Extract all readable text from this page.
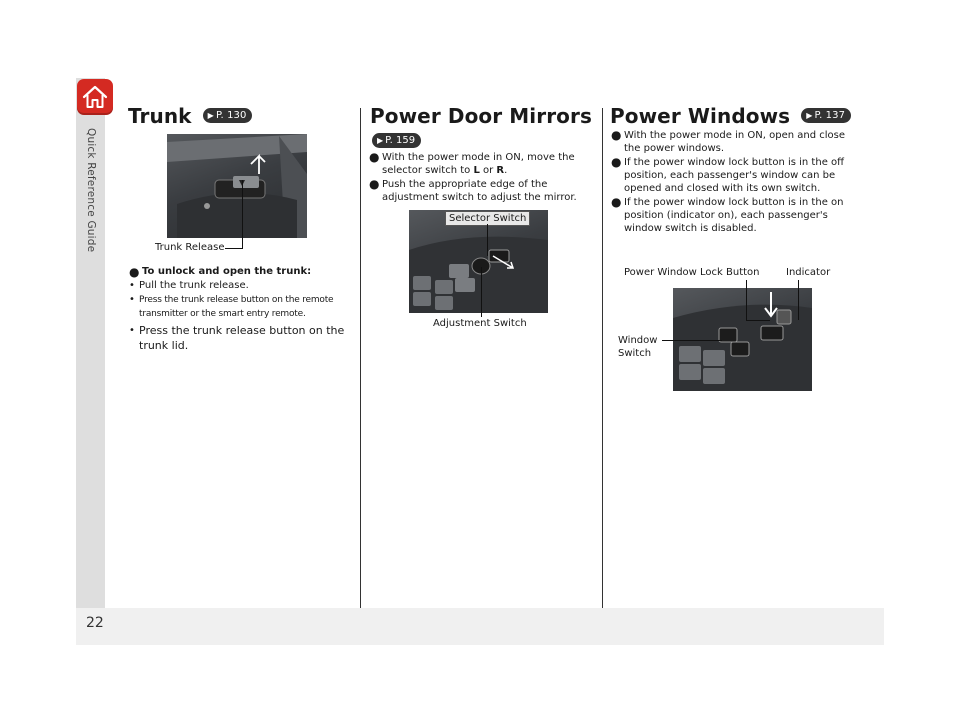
Quick Reference Guide
22
Trunk ▶ P. 130
Trunk Release
● To unlock and open the trunk:
• Pull the trunk release.
• Press the trunk release button on the remote transmitter or the smart entry remote.
• Press the trunk release button on the trunk lid.
Power Door Mirrors
▶ P. 159
● With the power mode in ON, move the selector switch to L or R.
● Push the appropriate edge of the adjustment switch to adjust the mirror.
Selector Switch
Adjustment Switch
Power Windows ▶ P. 137
● With the power mode in ON, open and close the power windows.
● If the power window lock button is in the off position, each passenger's window can be opened and closed with its own switch.
● If the power window lock button is in the on position (indicator on), each passenger's window switch is disabled.
Power Window Lock Button	Indicator
Window
Switch
